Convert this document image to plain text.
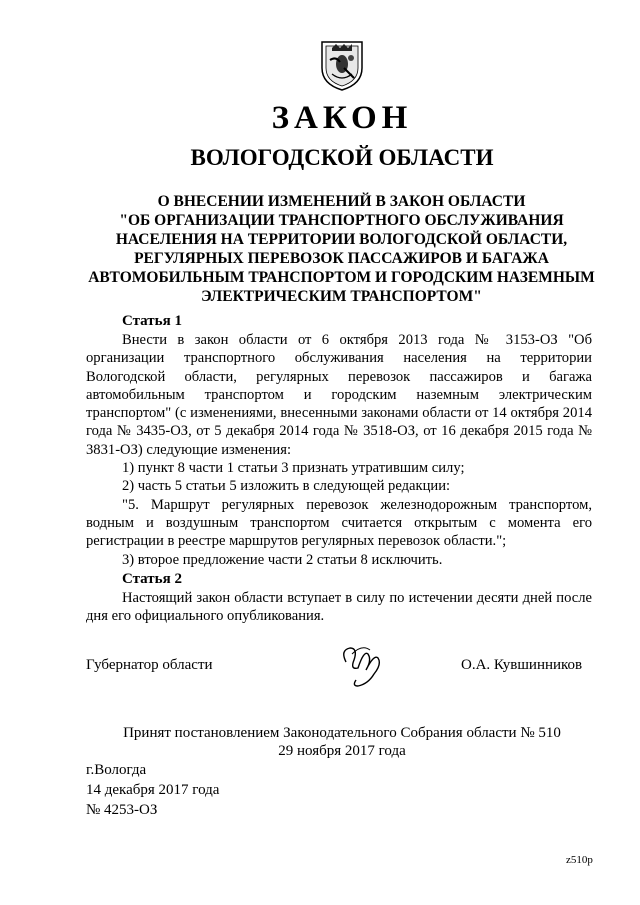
ЗАКОН
ВОЛОГОДСКОЙ ОБЛАСТИ
О ВНЕСЕНИИ ИЗМЕНЕНИЙ В ЗАКОН ОБЛАСТИ
"ОБ ОРГАНИЗАЦИИ ТРАНСПОРТНОГО ОБСЛУЖИВАНИЯ
НАСЕЛЕНИЯ НА ТЕРРИТОРИИ ВОЛОГОДСКОЙ ОБЛАСТИ,
РЕГУЛЯРНЫХ ПЕРЕВОЗОК ПАССАЖИРОВ И БАГАЖА
АВТОМОБИЛЬНЫМ ТРАНСПОРТОМ И ГОРОДСКИМ НАЗЕМНЫМ
ЭЛЕКТРИЧЕСКИМ ТРАНСПОРТОМ"
Статья 1

Внести в закон области от 6 октября 2013 года № 3153-ОЗ "Об организации транспортного обслуживания населения на территории Вологодской области, регулярных перевозок пассажиров и багажа автомобильным транспортом и городским наземным электрическим транспортом" (с изменениями, внесенными законами области от 14 октября 2014 года № 3435-ОЗ, от 5 декабря 2014 года № 3518-ОЗ, от 16 декабря 2015 года № 3831-ОЗ) следующие изменения:

1) пункт 8 части 1 статьи 3 признать утратившим силу;

2) часть 5 статьи 5 изложить в следующей редакции:

"5. Маршрут регулярных перевозок железнодорожным транспортом, водным и воздушным транспортом считается открытым с момента его регистрации в реестре маршрутов регулярных перевозок области.";

3) второе предложение части 2 статьи 8 исключить.

Статья 2

Настоящий закон области вступает в силу по истечении десяти дней после дня его официального опубликования.

Губернатор области	О.А. Кувшинников
Принят постановлением Законодательного Собрания области № 510
29 ноября 2017 года
г.Вологда
14 декабря 2017 года
№ 4253-ОЗ
z510p
